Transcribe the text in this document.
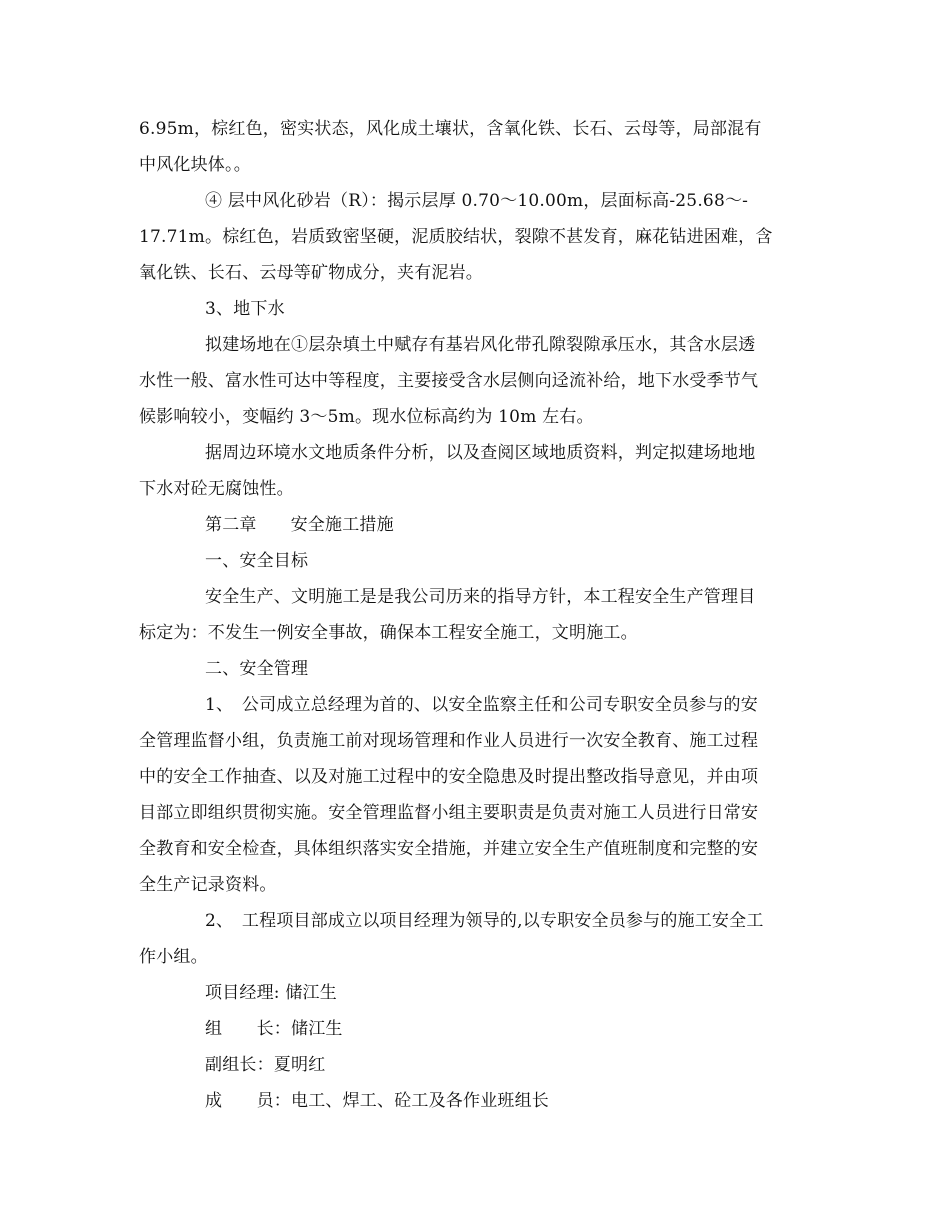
6.95m，棕红色，密实状态，风化成土壤状，含氧化铁、长石、云母等，局部混有
中风化块体。。

④ 层中风化砂岩（R）：揭示层厚 0.70～10.00m，层面标高-25.68～-
17.71m。棕红色，岩质致密坚硬，泥质胶结状，裂隙不甚发育，麻花钻进困难，含
氧化铁、长石、云母等矿物成分，夹有泥岩。

3、地下水

拟建场地在①层杂填土中赋存有基岩风化带孔隙裂隙承压水，其含水层透
水性一般、富水性可达中等程度，主要接受含水层侧向迳流补给，地下水受季节气
候影响较小，变幅约 3～5m。现水位标高约为 10m 左右。

据周边环境水文地质条件分析，以及查阅区域地质资料，判定拟建场地地
下水对砼无腐蚀性。

第二章 安全施工措施

一、安全目标

安全生产、文明施工是是我公司历来的指导方针，本工程安全生产管理目
标定为：不发生一例安全事故，确保本工程安全施工，文明施工。

二、安全管理

1、　公司成立总经理为首的、以安全监察主任和公司专职安全员参与的安
全管理监督小组，负责施工前对现场管理和作业人员进行一次安全教育、施工过程
中的安全工作抽查、以及对施工过程中的安全隐患及时提出整改指导意见，并由项
目部立即组织贯彻实施。安全管理监督小组主要职责是负责对施工人员进行日常安
全教育和安全检查，具体组织落实安全措施，并建立安全生产值班制度和完整的安
全生产记录资料。

2、　工程项目部成立以项目经理为领导的,以专职安全员参与的施工安全工
作小组。

项目经理: 储江生
组　　长：储江生
副组长：夏明红
成　　员：电工、焊工、砼工及各作业班组长
